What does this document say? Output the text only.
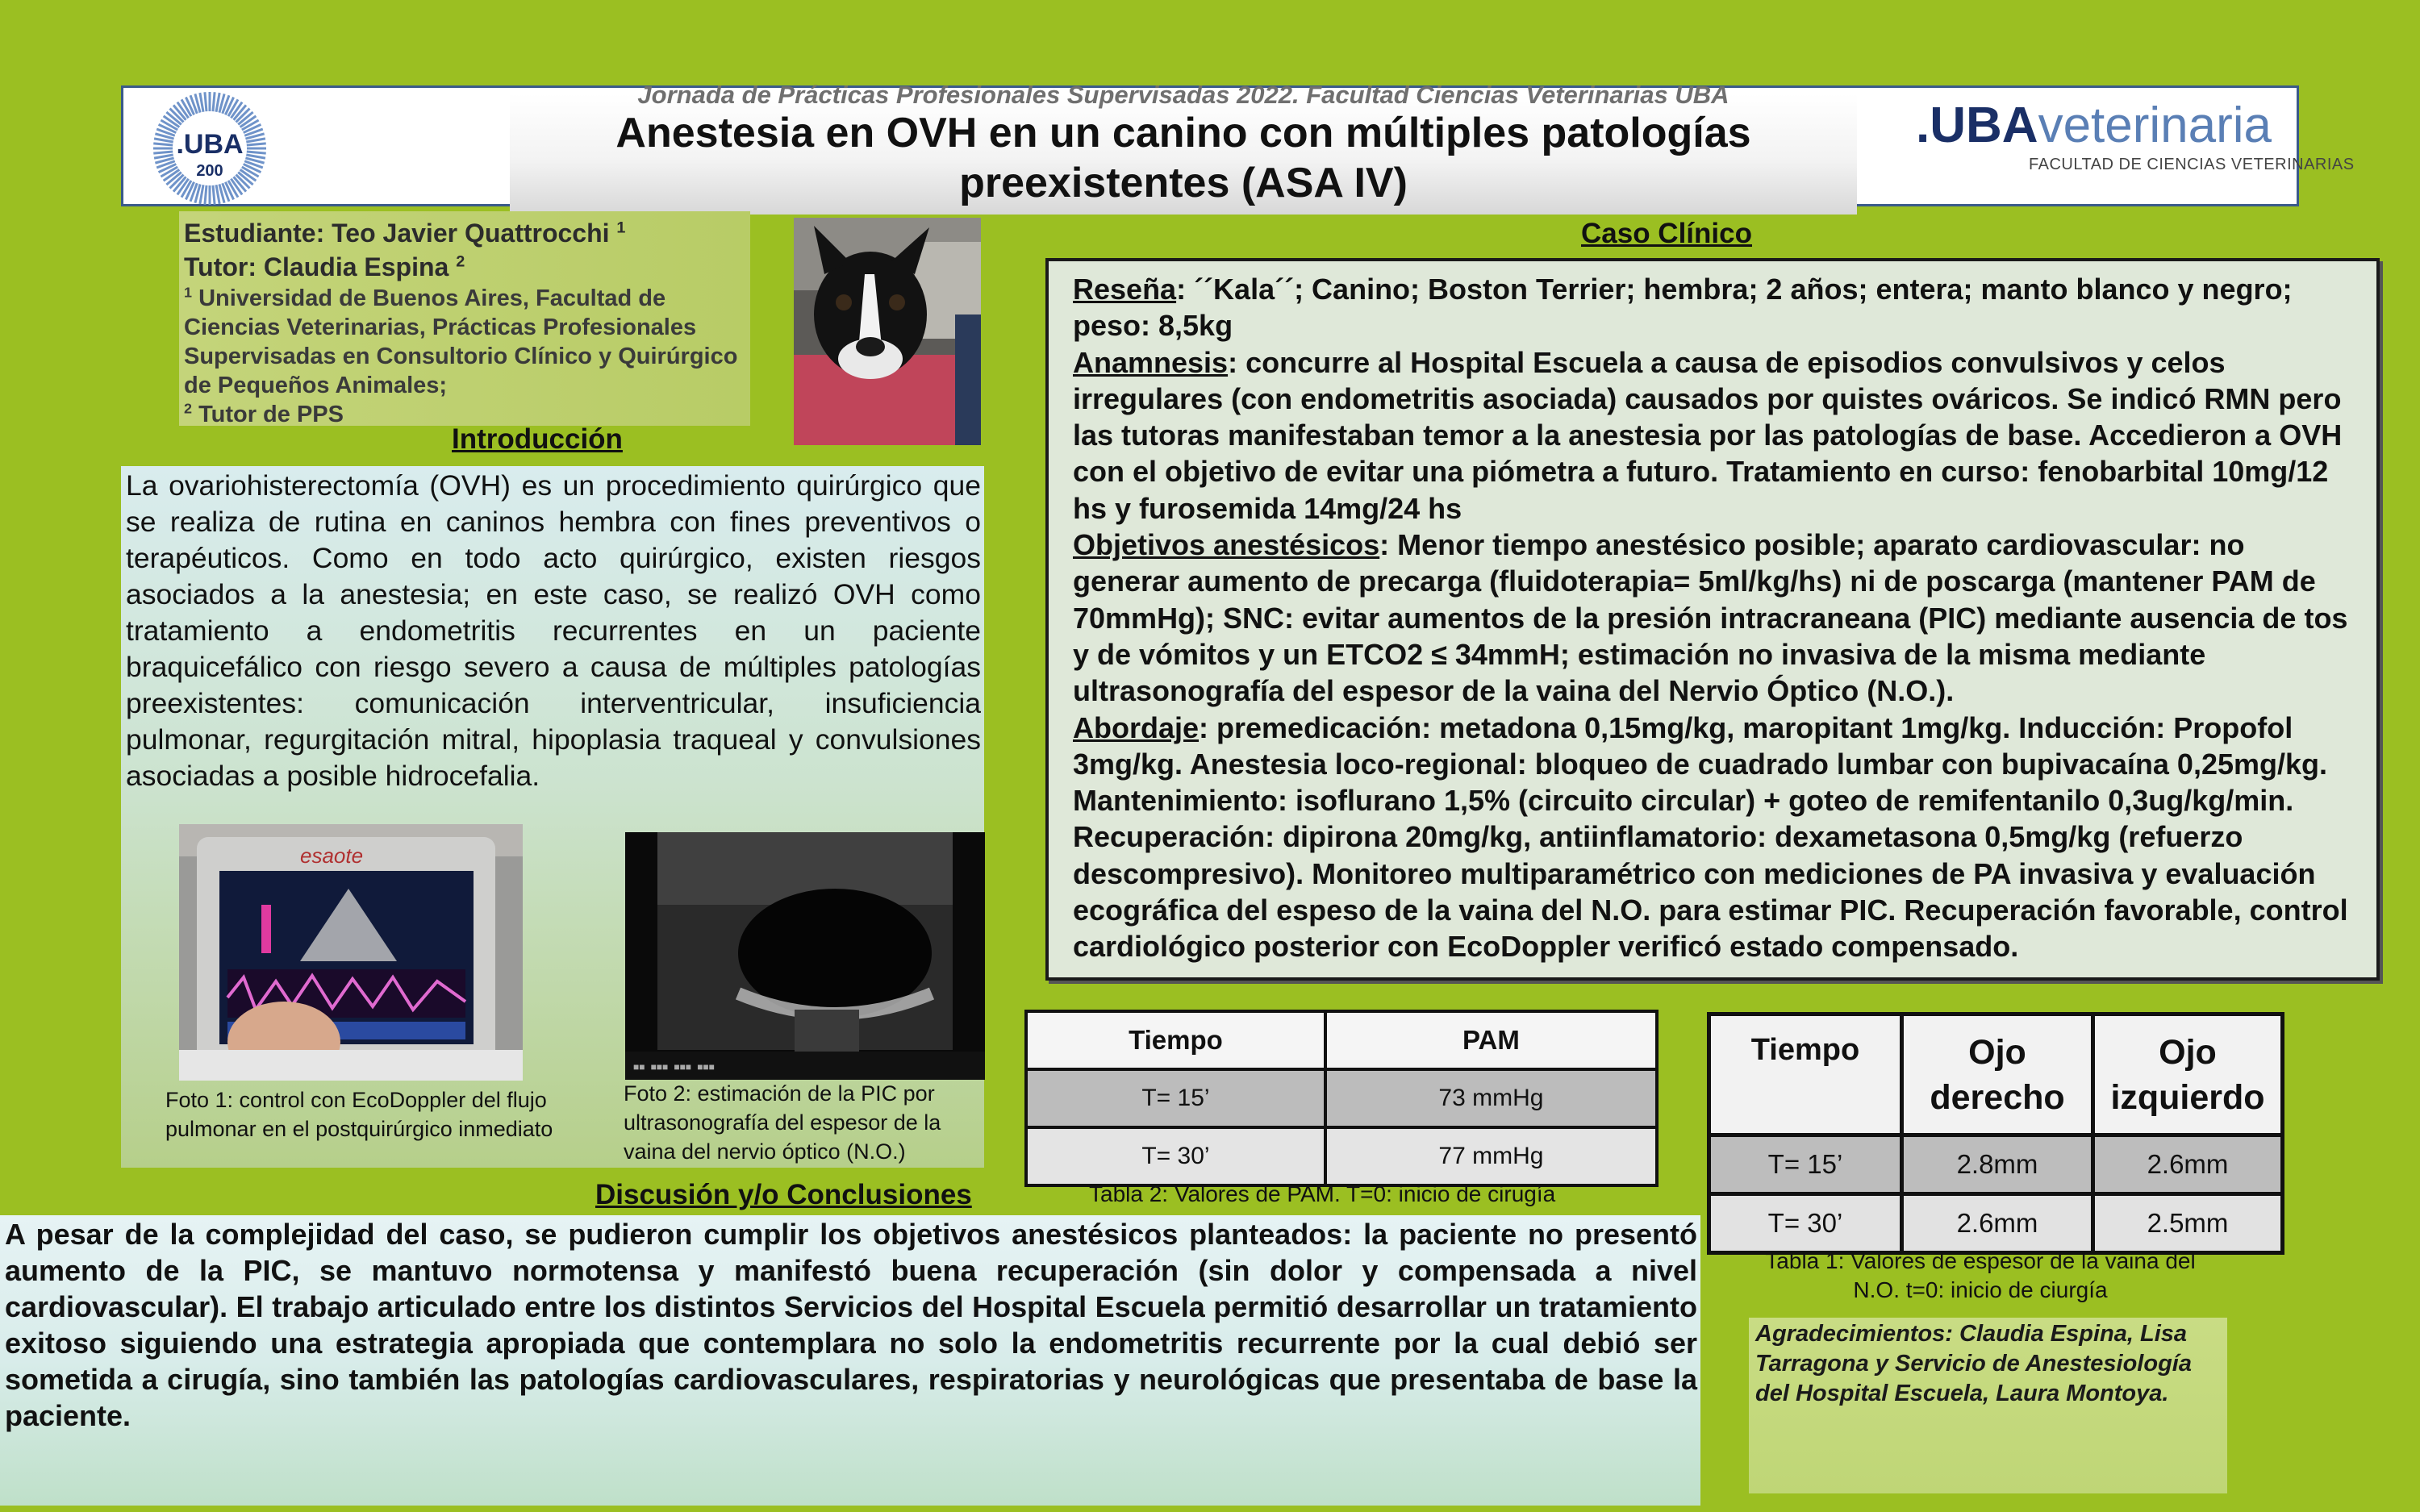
Jornada de Prácticas Profesionales Supervisadas 2022. Facultad Ciencias Veterinarias UBA
Anestesia en OVH en un canino con múltiples patologías preexistentes (ASA IV)
.UBA
200
.UBAveterinaria
FACULTAD DE CIENCIAS VETERINARIAS
Estudiante: Teo Javier Quattrocchi $^1$
Tutor: Claudia Espina $^2$
$^1$ Universidad de Buenos Aires, Facultad de Ciencias Veterinarias, Prácticas Profesionales Supervisadas en Consultorio Clínico y Quirúrgico de Pequeños Animales;
$^2$ Tutor de PPS
Introducción
La ovariohisterectomía (OVH) es un procedimiento quirúrgico que se realiza de rutina en caninos hembra con fines preventivos o terapéuticos. Como en todo acto quirúrgico, existen riesgos asociados a la anestesia; en este caso, se realizó OVH como tratamiento a endometritis recurrentes en un paciente braquicefálico con riesgo severo a causa de múltiples patologías preexistentes: comunicación interventricular, insuficiencia pulmonar, regurgitación mitral, hipoplasia traqueal y convulsiones asociadas a posible hidrocefalia.
esaote
Foto 1: control con EcoDoppler del flujo pulmonar en el postquirúrgico inmediato
■■ ■■■ ■■■ ■■■
Foto 2: estimación de la PIC por ultrasonografía del espesor de la vaina del nervio óptico (N.O.)
Caso Clínico
Reseña: ´´Kala´´; Canino; Boston Terrier; hembra; 2 años; entera; manto blanco y negro; peso: 8,5kg
Anamnesis: concurre al Hospital Escuela a causa de episodios convulsivos y celos irregulares (con endometritis asociada) causados por quistes ováricos. Se indicó RMN pero las tutoras manifestaban temor a la anestesia por las patologías de base. Accedieron a OVH con el objetivo de evitar una piómetra a futuro. Tratamiento en curso: fenobarbital 10mg/12 hs y furosemida 14mg/24 hs
Objetivos anestésicos: Menor tiempo anestésico posible; aparato cardiovascular: no generar aumento de precarga (fluidoterapia= 5ml/kg/hs) ni de poscarga (mantener PAM de 70mmHg); SNC: evitar aumentos de la presión intracraneana (PIC) mediante ausencia de tos y de vómitos y un ETCO2 ≤ 34mmH; estimación no invasiva de la misma mediante ultrasonografía del espesor de la vaina del Nervio Óptico (N.O.).
Abordaje: premedicación: metadona 0,15mg/kg, maropitant 1mg/kg. Inducción: Propofol 3mg/kg. Anestesia loco-regional: bloqueo de cuadrado lumbar con bupivacaína 0,25mg/kg. Mantenimiento: isoflurano 1,5% (circuito circular) + goteo de remifentanilo 0,3ug/kg/min. Recuperación: dipirona 20mg/kg, antiinflamatorio: dexametasona 0,5mg/kg (refuerzo descompresivo). Monitoreo multiparamétrico con mediciones de PA invasiva y evaluación ecográfica del espeso de la vaina del N.O. para estimar PIC. Recuperación favorable, control cardiológico posterior con EcoDoppler verificó estado compensado.
Tiempo	PAM
T= 15’	73 mmHg
T= 30’	77 mmHg
Tabla 2: Valores de PAM. T=0: inicio de cirugía
Tiempo	Ojo derecho	Ojo izquierdo
T= 15’	2.8mm	2.6mm
T= 30’	2.6mm	2.5mm
Tabla 1: Valores de espesor de la vaina del N.O. t=0: inicio de ciurgía
Discusión y/o Conclusiones
A pesar de la complejidad del caso, se pudieron cumplir los objetivos anestésicos planteados: la paciente no presentó aumento de la PIC, se mantuvo normotensa y manifestó buena recuperación (sin dolor y compensada a nivel cardiovascular). El trabajo articulado entre los distintos Servicios del Hospital Escuela permitió desarrollar un tratamiento exitoso siguiendo una estrategia apropiada que contemplara no solo la endometritis recurrente por la cual debió ser sometida a cirugía, sino también las patologías cardiovasculares, respiratorias y neurológicas que presentaba de base la paciente.
Agradecimientos: Claudia Espina, Lisa Tarragona y Servicio de Anestesiología del Hospital Escuela, Laura Montoya.
